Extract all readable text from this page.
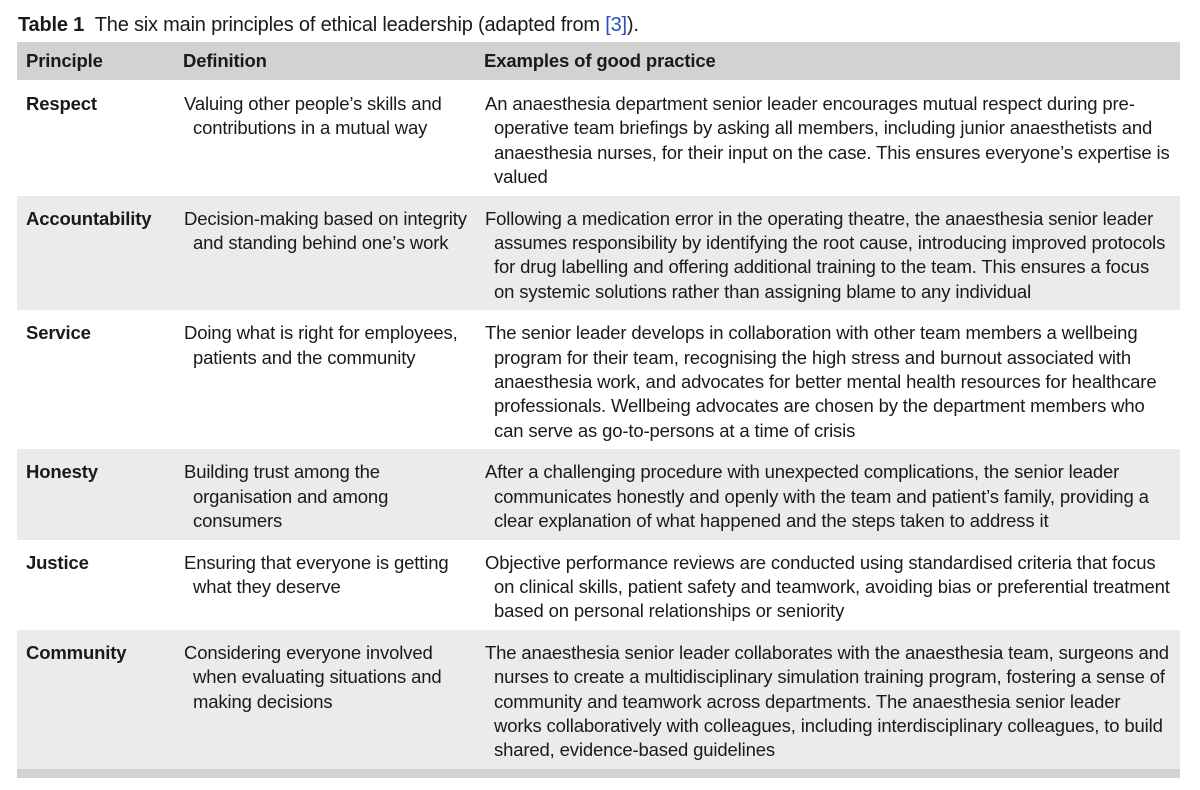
Table 1 The six main principles of ethical leadership (adapted from [3]).
Principle	Definition	Examples of good practice
Respect	Valuing other people’s skills and contributions in a mutual way	An anaesthesia department senior leader encourages mutual respect during pre-operative team briefings by asking all members, including junior anaesthetists and anaesthesia nurses, for their input on the case. This ensures everyone’s expertise is valued
Accountability	Decision-making based on integrity and standing behind one’s work	Following a medication error in the operating theatre, the anaesthesia senior leader assumes responsibility by identifying the root cause, introducing improved protocols for drug labelling and offering additional training to the team. This ensures a focus on systemic solutions rather than assigning blame to any individual
Service	Doing what is right for employees, patients and the community	The senior leader develops in collaboration with other team members a wellbeing program for their team, recognising the high stress and burnout associated with anaesthesia work, and advocates for better mental health resources for healthcare professionals. Wellbeing advocates are chosen by the department members who can serve as go-to-persons at a time of crisis
Honesty	Building trust among the organisation and among consumers	After a challenging procedure with unexpected complications, the senior leader communicates honestly and openly with the team and patient’s family, providing a clear explanation of what happened and the steps taken to address it
Justice	Ensuring that everyone is getting what they deserve	Objective performance reviews are conducted using standardised criteria that focus on clinical skills, patient safety and teamwork, avoiding bias or preferential treatment based on personal relationships or seniority
Community	Considering everyone involved when evaluating situations and making decisions	The anaesthesia senior leader collaborates with the anaesthesia team, surgeons and nurses to create a multidisciplinary simulation training program, fostering a sense of community and teamwork across departments. The anaesthesia senior leader works collaboratively with colleagues, including interdisciplinary colleagues, to build shared, evidence-based guidelines
